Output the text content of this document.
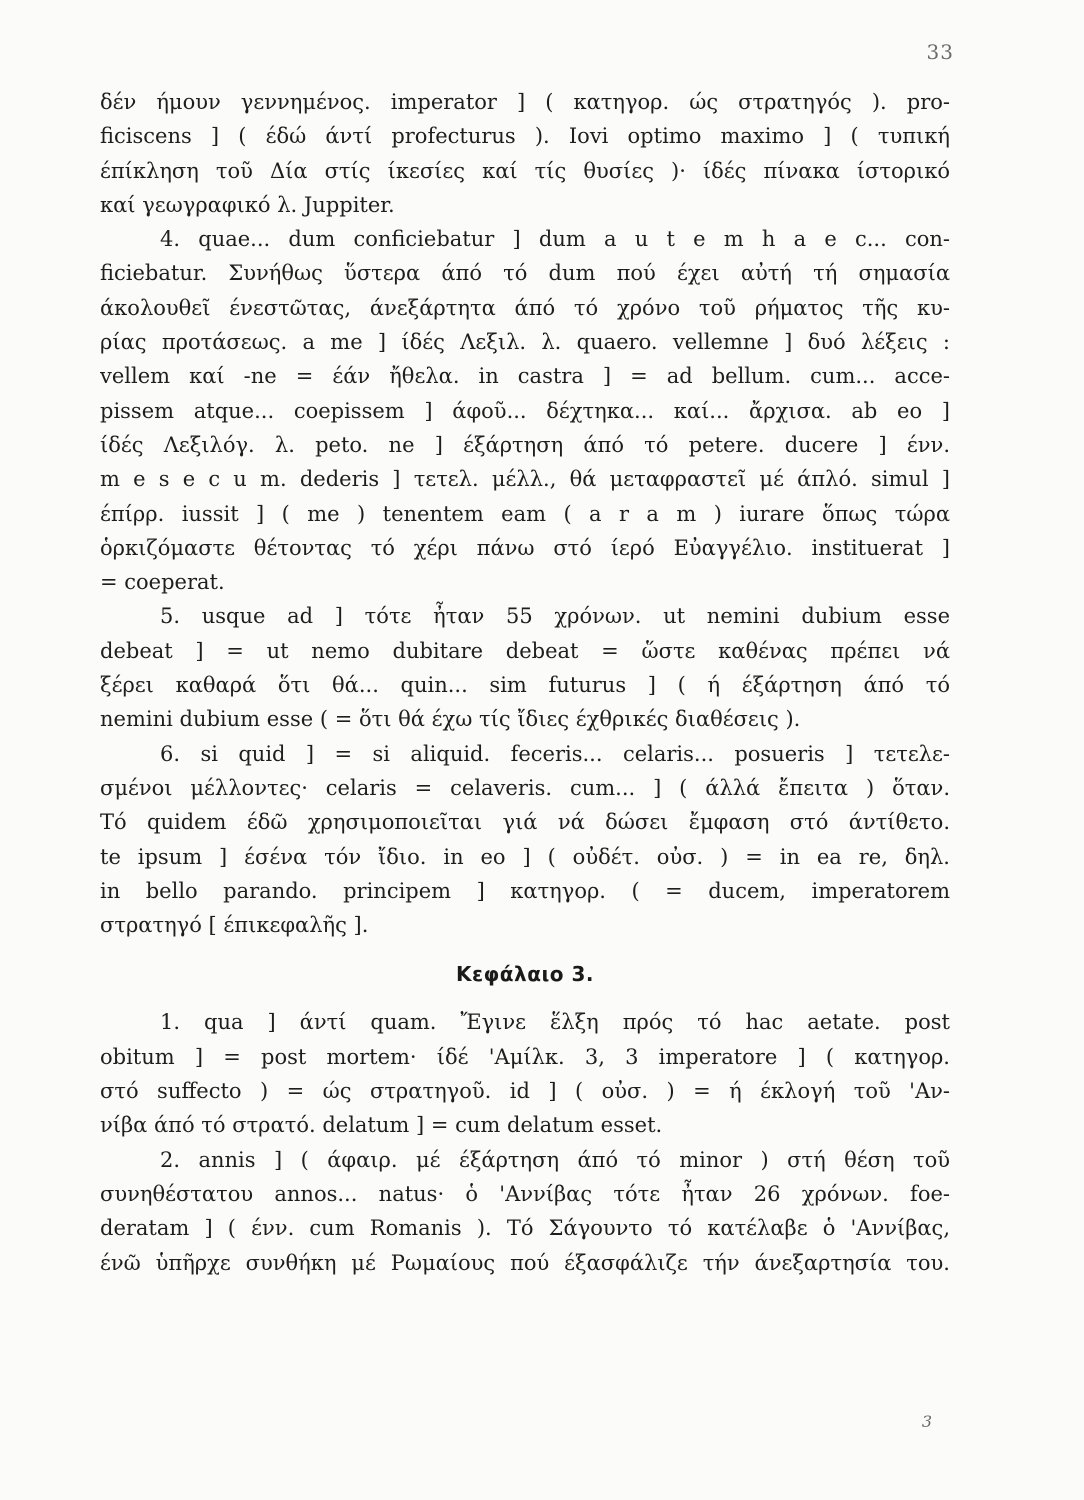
33
δέν ήμουν γεννημένος. imperator ] ( κατηγορ. ώς στρατηγός ). pro-
ficiscens ] ( έδώ άντί profecturus ). Iovi optimo maximo ] ( τυπική
έπίκληση τοῦ Δία στίς ίκεσίες καί τίς θυσίες )· ίδές πίνακα ίστορικό
καί γεωγραφικό λ. Juppiter.
4. quae... dum conficiebatur ] dum a u t e m h a e c... con-
ficiebatur. Συνήθως ὕστερα άπό τό dum πού έχει αὐτή τή σημασία
άκολουθεῖ ένεστῶτας, άνεξάρτητα άπό τό χρόνο τοῦ ρήματος τῆς κυ-
ρίας προτάσεως. a me ] ίδές Λεξιλ. λ. quaero. vellemne ] δυό λέξεις :
vellem καί -ne = έάν ἤθελα. in castra ] = ad bellum. cum... acce-
pissem atque... coepissem ] άφοῦ... δέχτηκα... καί... ἄρχισα. ab eo ]
ίδές Λεξιλόγ. λ. peto. ne ] έξάρτηση άπό τό petere. ducere ] ένν.
m e s e c u m. dederis ] τετελ. μέλλ., θά μεταφραστεῖ μέ άπλό. simul ]
έπίρρ. iussit ] ( me ) tenentem eam ( a r a m ) iurare ὅπως τώρα
ὁρκιζόμαστε θέτοντας τό χέρι πάνω στό ίερό Εὐαγγέλιο. instituerat ]
= coeperat.
5. usque ad ] τότε ἦταν 55 χρόνων. ut nemini dubium esse
debeat ] = ut nemo dubitare debeat = ὥστε καθένας πρέπει νά
ξέρει καθαρά ὅτι θά... quin... sim futurus ] ( ή έξάρτηση άπό τό
nemini dubium esse ( = ὅτι θά έχω τίς ἴδιες έχθρικές διαθέσεις ).
6. si quid ] = si aliquid. feceris... celaris... posueris ] τετελε-
σμένοι μέλλοντες· celaris = celaveris. cum... ] ( άλλά ἔπειτα ) ὅταν.
Τό quidem έδῶ χρησιμοποιεῖται γιά νά δώσει ἔμφαση στό άντίθετο.
te ipsum ] έσένα τόν ἴδιο. in eo ] ( οὐδέτ. οὐσ. ) = in ea re, δηλ.
in bello parando. principem ] κατηγορ. ( = ducem, imperatorem
στρατηγό [ έπικεφαλῆς ].
Κεφάλαιο 3.
1. qua ] άντί quam. Ἔγινε ἕλξη πρός τό hac aetate. post
obitum ] = post mortem· ίδέ 'Αμίλκ. 3, 3 imperatore ] ( κατηγορ.
στό suffecto ) = ώς στρατηγοῦ. id ] ( οὐσ. ) = ή έκλογή τοῦ 'Αν-
νίβα άπό τό στρατό. delatum ] = cum delatum esset.
2. annis ] ( άφαιρ. μέ έξάρτηση άπό τό minor ) στή θέση τοῦ
συνηθέστατου annos... natus· ὁ 'Αννίβας τότε ἦταν 26 χρόνων. foe-
deratam ] ( ένν. cum Romanis ). Τό Σάγουντο τό κατέλαβε ὁ 'Αννίβας,
ένῶ ὑπῆρχε συνθήκη μέ Ρωμαίους πού έξασφάλιζε τήν άνεξαρτησία του.
3
